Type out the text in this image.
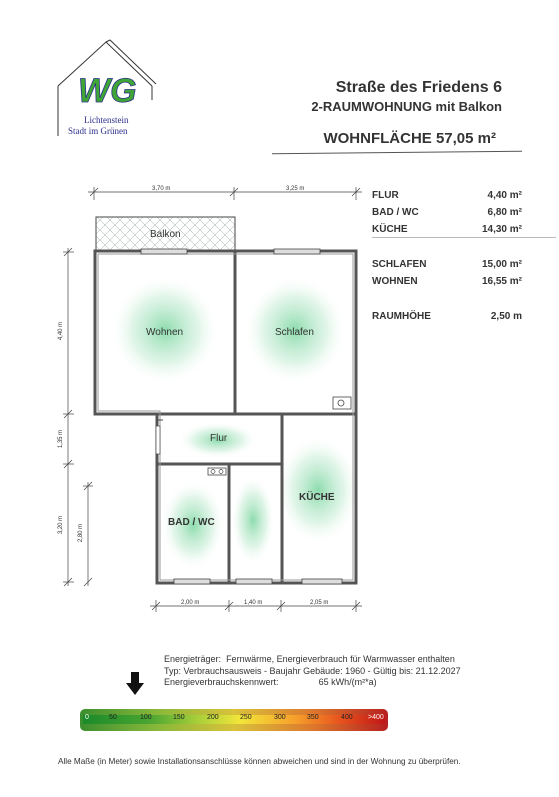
WG
Lichtenstein
Stadt im Grünen
Straße des Friedens 6
2-RAUMWOHNUNG mit Balkon
WOHNFLÄCHE 57,05 m²
FLUR	4,40 m²
BAD / WC	6,80 m²
KÜCHE	14,30 m²
SCHLAFEN	15,00 m²
WOHNEN	16,55 m²
RAUMHÖHE	2,50 m
3,70 m	3,25 m
2,00 m	1,40 m	2,05 m
4,40 m
1,35 m
3,20 m 2,80 m
Balkon
Wohnen	Schlafen
Flur
BAD / WC
KÜCHE
Energieträger: Fernwärme, Energieverbrauch für Warmwasser enthalten
Typ: Verbrauchsausweis - Baujahr Gebäude: 1960 - Gültig bis: 21.12.2027
Energieverbrauchskennwert:	65 kWh/(m²*a)
0	50	100	150	200	250	300	350	400 >400
Alle Maße (in Meter) sowie Installationsanschlüsse können abweichen und sind in der Wohnung zu überprüfen.
